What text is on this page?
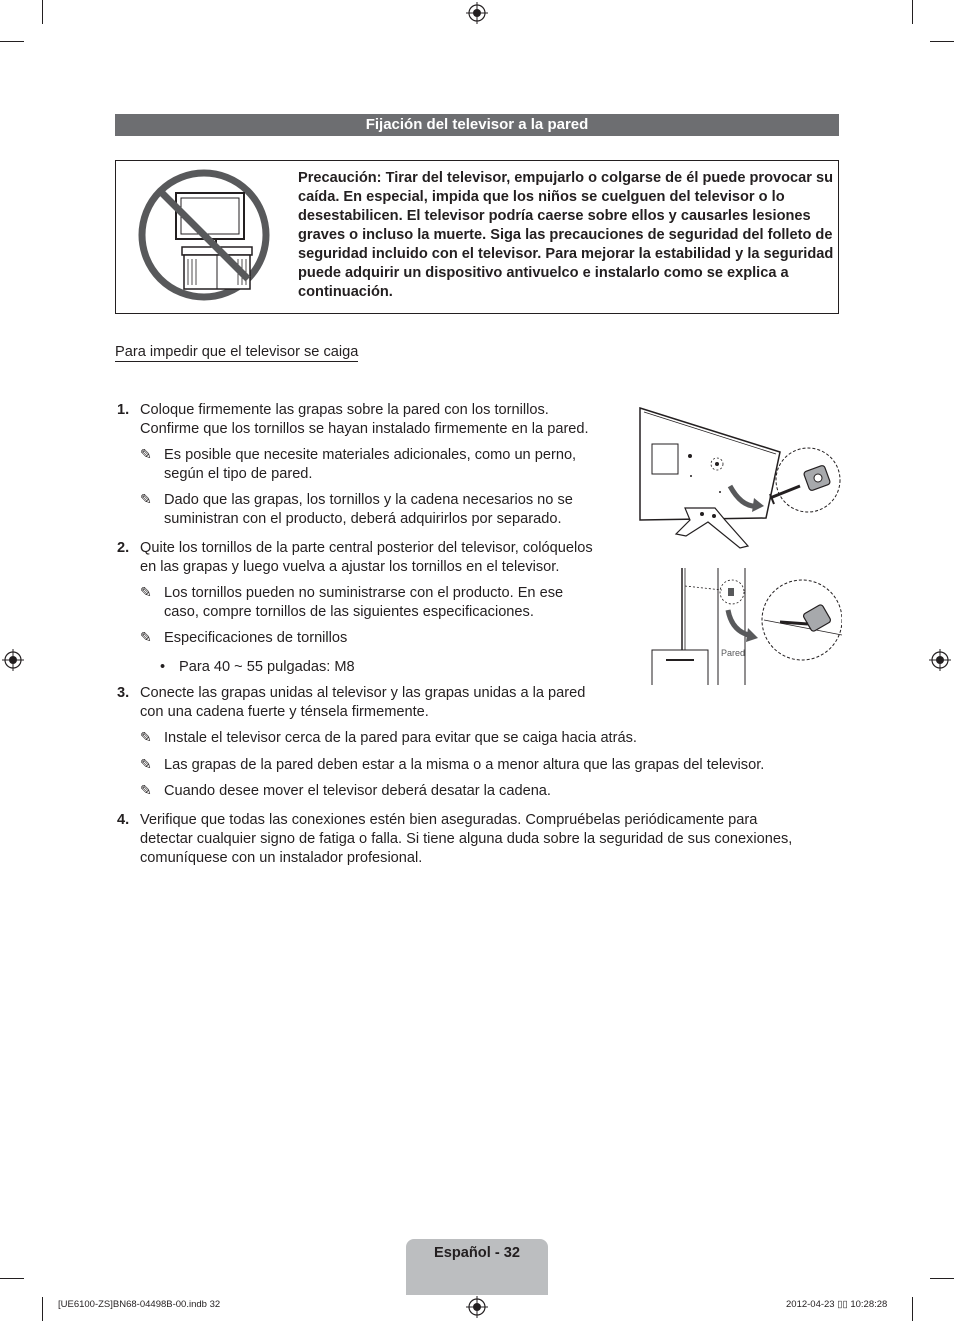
Fijación del televisor a la pared
Precaución: Tirar del televisor, empujarlo o colgarse de él puede provocar su caída. En especial, impida que los niños se cuelguen del televisor o lo desestabilicen. El televisor podría caerse sobre ellos y causarles lesiones graves o incluso la muerte. Siga las precauciones de seguridad del folleto de seguridad incluido con el televisor. Para mejorar la estabilidad y la seguridad puede adquirir un dispositivo antivuelco e instalarlo como se explica a continuación.
Para impedir que el televisor se caiga
1. Coloque firmemente las grapas sobre la pared con los tornillos.
Confirme que los tornillos se hayan instalado firmemente en la pared.
✎ Es posible que necesite materiales adicionales, como un perno,
según el tipo de pared.
✎ Dado que las grapas, los tornillos y la cadena necesarios no se
suministran con el producto, deberá adquirirlos por separado.
2. Quite los tornillos de la parte central posterior del televisor, colóquelos
en las grapas y luego vuelva a ajustar los tornillos en el televisor.
✎ Los tornillos pueden no suministrarse con el producto. En ese
caso, compre tornillos de las siguientes especificaciones.
✎ Especificaciones de tornillos
• Para 40 ~ 55 pulgadas: M8
3. Conecte las grapas unidas al televisor y las grapas unidas a la pared
con una cadena fuerte y ténsela firmemente.
✎ Instale el televisor cerca de la pared para evitar que se caiga hacia atrás.
✎ Las grapas de la pared deben estar a la misma o a menor altura que las grapas del televisor.
✎ Cuando desee mover el televisor deberá desatar la cadena.
4. Verifique que todas las conexiones estén bien aseguradas. Compruébelas periódicamente para
detectar cualquier signo de fatiga o falla. Si tiene alguna duda sobre la seguridad de sus conexiones,
comuníquese con un instalador profesional.
Pared
Español - 32
[UE6100-ZS]BN68-04498B-00.indb 32	2012-04-23 ▯▯ 10:28:28
